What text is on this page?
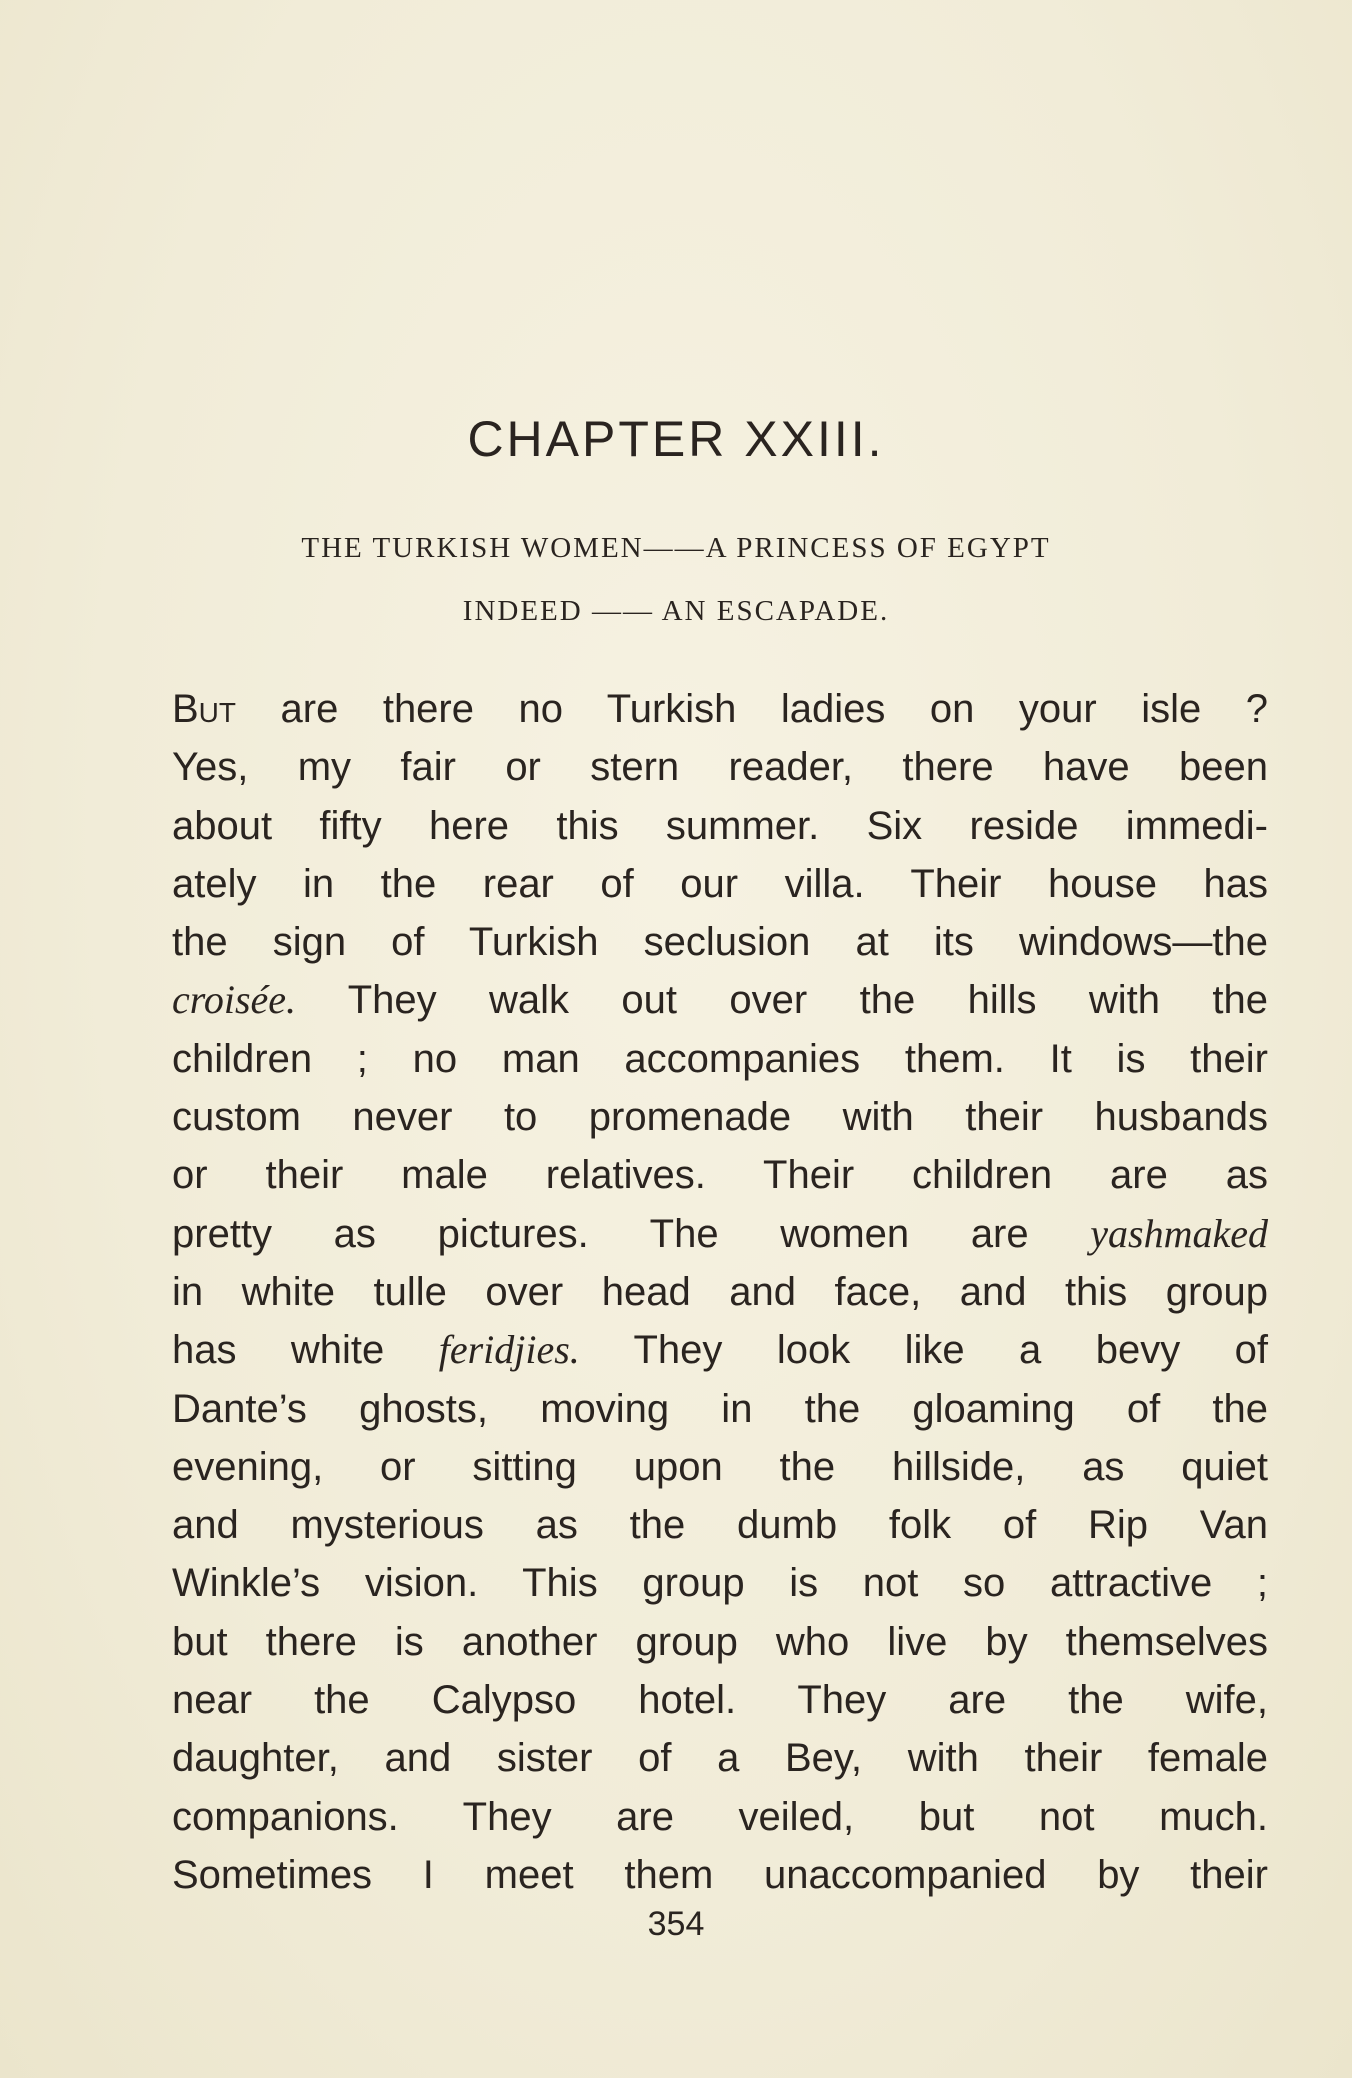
CHAPTER XXIII.
THE TURKISH WOMEN——A PRINCESS OF EGYPT
INDEED —— AN ESCAPADE.
But are there no Turkish ladies on your isle ?
Yes, my fair or stern reader, there have been
about fifty here this summer. Six reside immedi-
ately in the rear of our villa. Their house has
the sign of Turkish seclusion at its windows—the
croisée. They walk out over the hills with the
children ; no man accompanies them. It is their
custom never to promenade with their husbands
or their male relatives. Their children are as
pretty as pictures. The women are yashmaked
in white tulle over head and face, and this group
has white feridjies. They look like a bevy of
Dante’s ghosts, moving in the gloaming of the
evening, or sitting upon the hillside, as quiet
and mysterious as the dumb folk of Rip Van
Winkle’s vision. This group is not so attractive ;
but there is another group who live by themselves
near the Calypso hotel. They are the wife,
daughter, and sister of a Bey, with their female
companions. They are veiled, but not much.
Sometimes I meet them unaccompanied by their
354
